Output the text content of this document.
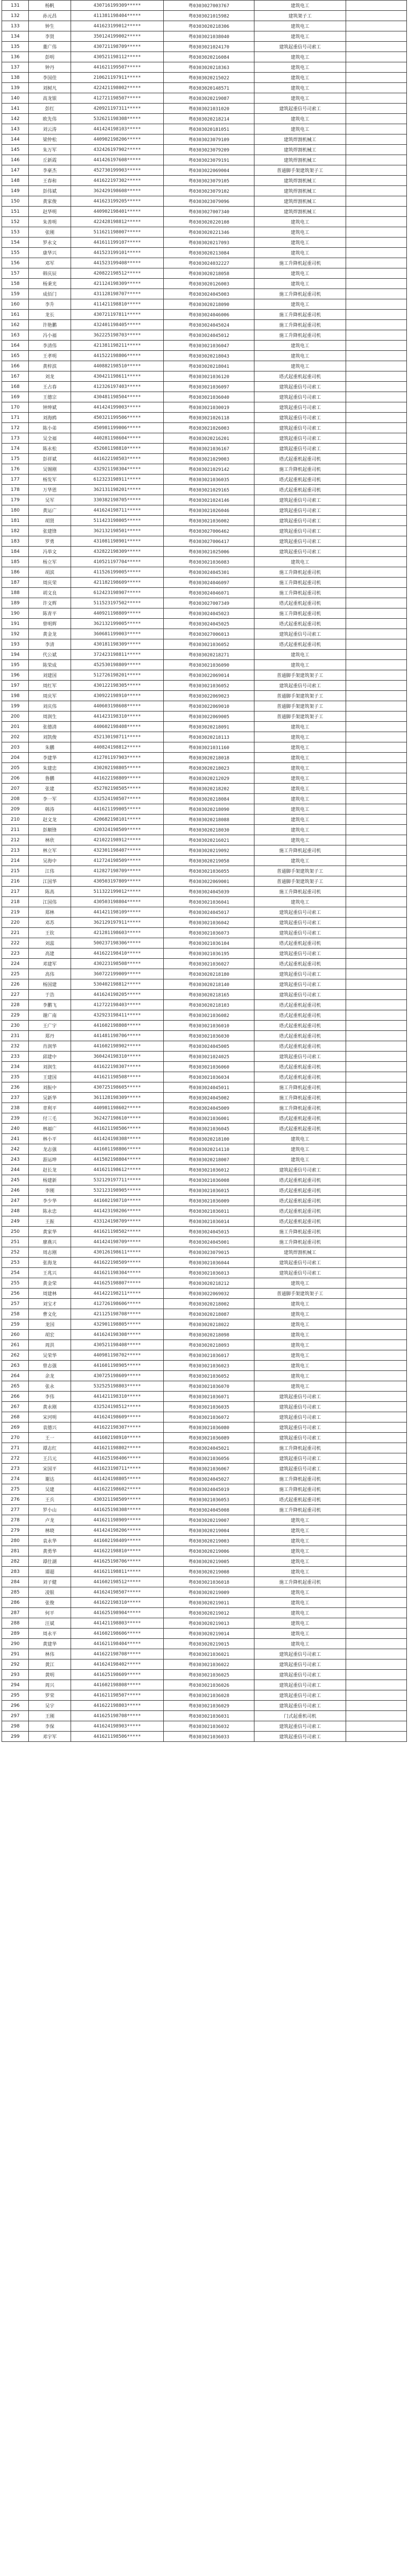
131	杨帆	430716199309*****	粤0303027003767	建筑电工	
132	孙元昌	411381198404*****	粤0303021015982	建筑架子工	
133	钟生	441623199012*****	粤0303020218306	建筑电工	
134	李贤	350124199002*****	粤0303021038040	建筑电工	
135	董广伟	430721198709*****	粤0303021024170	建筑起重信号司索工	
136	彭明	430521198112*****	粤0303020216084	建筑电工	
137	钟丹	441621199507*****	粤0303020218363	建筑电工	
138	李国佳	210621197911*****	粤0303020215022	建筑电工	
139	刘树凡	422421198002*****	粤0303020148571	建筑电工	
140	高龙银	412721198507*****	粤0303020219087	建筑电工	
141	彭红	420921197311*****	粤0303021031020	建筑起重信号司索工	
142	欧先伟	532621198308*****	粤0303020218214	建筑电工	
143	刘云涛	441424198103*****	粤0303020181051	建筑电工	
144	梁仲松	440902198206*****	粤0303023079109	建筑焊割机械工	
145	朱万军	432426197902*****	粤0303023079209	建筑焊割机械工	
146	丘新霞	441426197608*****	粤0303023079191	建筑焊割机械工	
147	李豪杰	452730199903*****	粤0303022069004	普通脚手架建筑架子工	
148	王春和	441622197302*****	粤0303023079105	建筑焊割机械工	
149	彭伟斌	362429198608*****	粤0303023079102	建筑焊割机械工	
150	黄家俊	441623199205*****	粤0303023079096	建筑焊割机械工	
151	赵华明	440902198401*****	粤0303027007340	建筑焊割机械工	
152	朱善明	422428198812*****	粤0303020220108	建筑电工	
153	张刚	511621198007*****	粤0303020221346	建筑电工	
154	罗永文	441611199107*****	粤0303020217093	建筑电工	
155	康华兴	441523199101*****	粤0303020213084	建筑电工	
156	邓军	441523199408*****	粤0303024032227	施工升降机起重司机	
157	韩庆辰	420822198512*****	粤0303020218058	建筑电工	
158	杨秉光	421124198309*****	粤0303020126003	建筑电工	
159	成佰门	431128198707*****	粤0303024045003	施工升降机起重司机	
160	李升	411421198810*****	粤0303020218090	建筑电工	
161	龙长	430721197811*****	粤0303024046006	施工升降机起重司机	
162	许艳鹏	432401198405*****	粤0303024045024	施工升降机起重司机	
163	冯小福	362225198703*****	粤0303024045012	施工升降机起重司机	
164	李清伟	421381198211*****	粤0303021036047	建筑电工	
165	王孝明	441522198806*****	粤0303020218043	建筑电工	
166	黄梓滨	440882198510*****	粤0303020218041	建筑电工	
167	刘龙	430421198611*****	粤0303021036120	塔式起重机起重司机	
168	王占春	412326197403*****	粤0303021036097	建筑起重信号司索工	
169	王德宗	430481198504*****	粤0303021036040	建筑起重信号司索工	
170	钟坤斌	441424199003*****	粤0303021030019	建筑起重信号司索工	
171	刘海鸥	450321199506*****	粤0303021026118	建筑起重信号司索工	
172	陈小弟	450981199006*****	粤0303021026003	建筑起重信号司索工	
173	吴全福	440281198604*****	粤0303020216201	建筑起重信号司索工	
174	陈永松	452601198810*****	粤0303021036167	建筑起重信号司索工	
175	彭祥斌	441622198503*****	粤0303021029003	塔式起重机起重司机	
176	吴锡刚	432921198304*****	粤0303021029142	施工升降机起重司机	
177	杨发军	612323198911*****	粤0303021036035	塔式起重机起重司机	
178	万华恩	362131198201*****	粤0303021029165	塔式起重机起重司机	
179	吴军	330382198705*****	粤0303021024146	建筑起重信号司索工	
180	黄运广	441624198711*****	粤0303021026046	建筑起重信号司索工	
181	胡贤	511423198005*****	粤0303021036002	建筑起重信号司索工	
182	张建锋	362132198501*****	粤0303027006462	建筑起重信号司索工	
183	罗勇	431081198901*****	粤0303027006417	建筑起重信号司索工	
184	冯举文	432822198309*****	粤0303021025006	建筑起重信号司索工	
185	杨立军	410521197704*****	粤0303021036083	建筑电工	
186	胡滨	411526199005*****	粤0303024045301	施工升降机起重司机	
187	周庆荣	421182198609*****	粤0303024046097	施工升降机起重司机	
188	胡文良	612423198907*****	粤0303024046071	施工升降机起重司机	
189	许文辉	511523197502*****	粤0303027007349	塔式起重机起重司机	
190	陈青平	440921198809*****	粤0303024045023	施工升降机起重司机	
191	曾明辉	362132199005*****	粤0303024045025	塔式起重机起重司机	
192	黄金龙	360681199003*****	粤0303027006013	建筑起重信号司索工	
193	李清	430181198309*****	粤0303021036052	塔式起重机起重司机	
194	代公斌	372423198811*****	粤0303020218271	建筑电工	
195	陈荣成	452530198809*****	粤0303021036090	建筑电工	
196	刘建国	512726198201*****	粤0303022069014	普通脚手架建筑架子工	
197	周红军	430122198305*****	粤0303021036052	建筑起重信号司索工	
198	周庆军	430922198910*****	粤0303022069023	普通脚手架建筑架子工	
199	刘庆伟	440603198608*****	粤0303022069010	普通脚手架建筑架子工	
200	周润生	441423198310*****	粤0303022069005	普通脚手架建筑架子工	
201	张德清	440602198408*****	粤0303020218091	建筑电工	
202	刘凯俊	452130198711*****	粤0303020218113	建筑电工	
203	朱鹏	440824198812*****	粤0303021031160	建筑电工	
204	李建华	412701197903*****	粤0303020218018	建筑电工	
205	朱建忠	430202198805*****	粤0303020218023	建筑电工	
206	鲁鹏	441622198809*****	粤0303020212029	建筑电工	
207	张建	452702198505*****	粤0303020218202	建筑电工	
208	李一军	432524198507*****	粤0303020218084	建筑电工	
209	韩涛	441621199005*****	粤0303020218090	建筑电工	
210	赵文龙	420682198101*****	粤0303020218088	建筑电工	
211	彭顺锋	420324198509*****	粤0303020218030	建筑电工	
212	林欣	421022198912*****	粤0303020216021	建筑电工	
213	林立军	432301198407*****	粤0303020219092	施工升降机起重司机	
214	吴海中	412724198509*****	粤0303020219058	建筑电工	
215	江伟	412827198709*****	粤0303021036055	普通脚手架建筑架子工	
216	江国华	430503197809*****	粤0303022069001	普通脚手架建筑架子工	
217	陈高	511322199012*****	粤0303024045039	施工升降机起重司机	
218	江国伟	430503198804*****	粤0303021036041	建筑电工	
219	郑林	441421198109*****	粤0303024045017	建筑起重信号司索工	
220	邓苏	362129197911*****	粤0303021036042	建筑起重信号司索工	
221	王钦	421281198603*****	粤0303021036073	建筑起重信号司索工	
222	刘蕊	500237198306*****	粤0303021036104	塔式起重机起重司机	
223	高建	441622198410*****	粤0303021036195	建筑起重信号司索工	
224	邓建军	430223198508*****	粤0303021036027	塔式起重机起重司机	
225	高伟	360722199009*****	粤0303020218180	建筑起重信号司索工	
226	杨国建	530402198812*****	粤0303020218140	建筑起重信号司索工	
227	于浩	441624198205*****	粤0303020218165	建筑起重信号司索工	
228	李鹏飞	412722198403*****	粤0303020218103	塔式起重机起重司机	
229	谢广南	432923198411*****	粤0303021036082	塔式起重机起重司机	
230	王广宇	441602198808*****	粤0303021036010	塔式起重机起重司机	
231	郑丹	441481198706*****	粤0303021036030	塔式起重机起重司机	
232	肖润华	441602198902*****	粤0303024045005	塔式起重机起重司机	
233	邱建中	360424198310*****	粤0303021024025	建筑起重信号司索工	
234	刘润生	441622198307*****	粤0303021036060	塔式起重机起重司机	
235	王建国	441621198508*****	粤0303021036034	塔式起重机起重司机	
236	刘振中	430725198605*****	粤0303024045011	施工升降机起重司机	
237	吴新华	361128198309*****	粤0303024045002	施工升降机起重司机	
238	章利平	440981198602*****	粤0303024045009	施工升降机起重司机	
239	付三毛	362427198610*****	粤0303021036001	塔式起重机起重司机	
240	林福广	441621198506*****	粤0303021036045	塔式起重机起重司机	
241	林小平	441424198308*****	粤0303020218100	建筑电工	
242	龙志强	441601198806*****	粤0303020214110	建筑电工	
243	游运坤	441502198804*****	粤0303020218007	建筑电工	
244	赵长龙	441621198612*****	粤0303021036012	建筑起重信号司索工	
245	杨建新	532129197711*****	粤0303021036008	塔式起重机起重司机	
246	李刚	532123198905*****	粤0303021036015	塔式起重机起重司机	
247	李少华	441602198710*****	粤0303021036009	塔式起重机起重司机	
248	陈永忠	441423198206*****	粤0303021036011	塔式起重机起重司机	
249	王振	433124198709*****	粤0303021036014	塔式起重机起重司机	
250	黄家华	441621198502*****	粤0303024045015	施工升降机起重司机	
251	廖燕兴	441424198709*****	粤0303024045001	施工升降机起重司机	
252	周志刚	430126198611*****	粤0303023079015	建筑焊割机械工	
253	张海龙	441622198509*****	粤0303021036044	建筑起重信号司索工	
254	王兆兴	441621198304*****	粤0303021036013	建筑起重信号司索工	
255	黄金荣	441625198807*****	粤0303020218212	建筑电工	
256	周建林	441422198211*****	粤0303022069032	普通脚手架建筑架子工	
257	刘宝才	412726198606*****	粤0303020218002	建筑电工	
258	曹文化	421125198708*****	粤0303020218087	建筑电工	
259	龙国	432901198805*****	粤0303020218022	建筑电工	
260	胡宏	441624198308*****	粤0303020218098	建筑电工	
261	周洪	430521198408*****	粤0303020218093	建筑电工	
262	吴荣华	440981198702*****	粤0303021036017	建筑电工	
263	曾志强	441601198905*****	粤0303021036023	建筑电工	
264	余龙	430725198609*****	粤0303021036052	建筑电工	
265	张永	532525198803*****	粤0303021036070	建筑电工	
266	李伟	441421198310*****	粤0303021036071	建筑起重信号司索工	
267	黄永刚	432524198512*****	粤0303021036035	建筑起重信号司索工	
268	宋河明	441624198609*****	粤0303021036072	建筑起重信号司索工	
269	袁德兴	441622198307*****	粤0303021036080	建筑起重信号司索工	
270	王一	441602198910*****	粤0303021036089	建筑起重信号司索工	
271	谭志红	441621198802*****	粤0303024045021	施工升降机起重司机	
272	王吕元	441625198406*****	粤0303021036056	建筑起重信号司索工	
273	宋国平	441623198711*****	粤0303021036067	建筑起重信号司索工	
274	谢达	441424198805*****	粤0303024045027	施工升降机起重司机	
275	吴建	441622198602*****	粤0303024045019	施工升降机起重司机	
276	王兵	430321198509*****	粤0303021036053	塔式起重机起重司机	
277	罗小山	441625198308*****	粤0303024045008	施工升降机起重司机	
278	卢龙	441621198909*****	粤0303020219007	建筑电工	
279	林晓	441424198206*****	粤0303020219004	建筑电工	
280	袁永华	441602198409*****	粤0303020219003	建筑电工	
281	黄勇华	441622198810*****	粤0303020219006	建筑电工	
282	谭仕湖	441625198706*****	粤0303020219005	建筑电工	
283	谭超	441621198811*****	粤0303020219008	建筑电工	
284	刘子健	441602198512*****	粤0303021036018	施工升降机起重司机	
285	凌银	441624198507*****	粤0303020219009	建筑电工	
286	张俊	441622198310*****	粤0303020219011	建筑电工	
287	何平	441625198904*****	粤0303020219012	建筑电工	
288	汪斌	441421198803*****	粤0303020219013	建筑电工	
289	周永平	441602198606*****	粤0303020219014	建筑电工	
290	黄建华	441621198404*****	粤0303020219015	建筑电工	
291	林伟	441622198708*****	粤0303021036021	建筑起重信号司索工	
292	黄江	441624198402*****	粤0303021036022	建筑起重信号司索工	
293	黄明	441625198609*****	粤0303021036025	建筑起重信号司索工	
294	周兴	441602198808*****	粤0303021036026	建筑起重信号司索工	
295	罗荣	441621198507*****	粤0303021036028	建筑起重信号司索工	
296	吴宇	441622198803*****	粤0303021036029	建筑起重信号司索工	
297	王刚	441625198708*****	粤0303021036031	门式起重机司机	
298	李保	441624198903*****	粤0303021036032	建筑起重信号司索工	
299	邓宇军	441621198506*****	粤0303021036033	建筑起重信号司索工	
